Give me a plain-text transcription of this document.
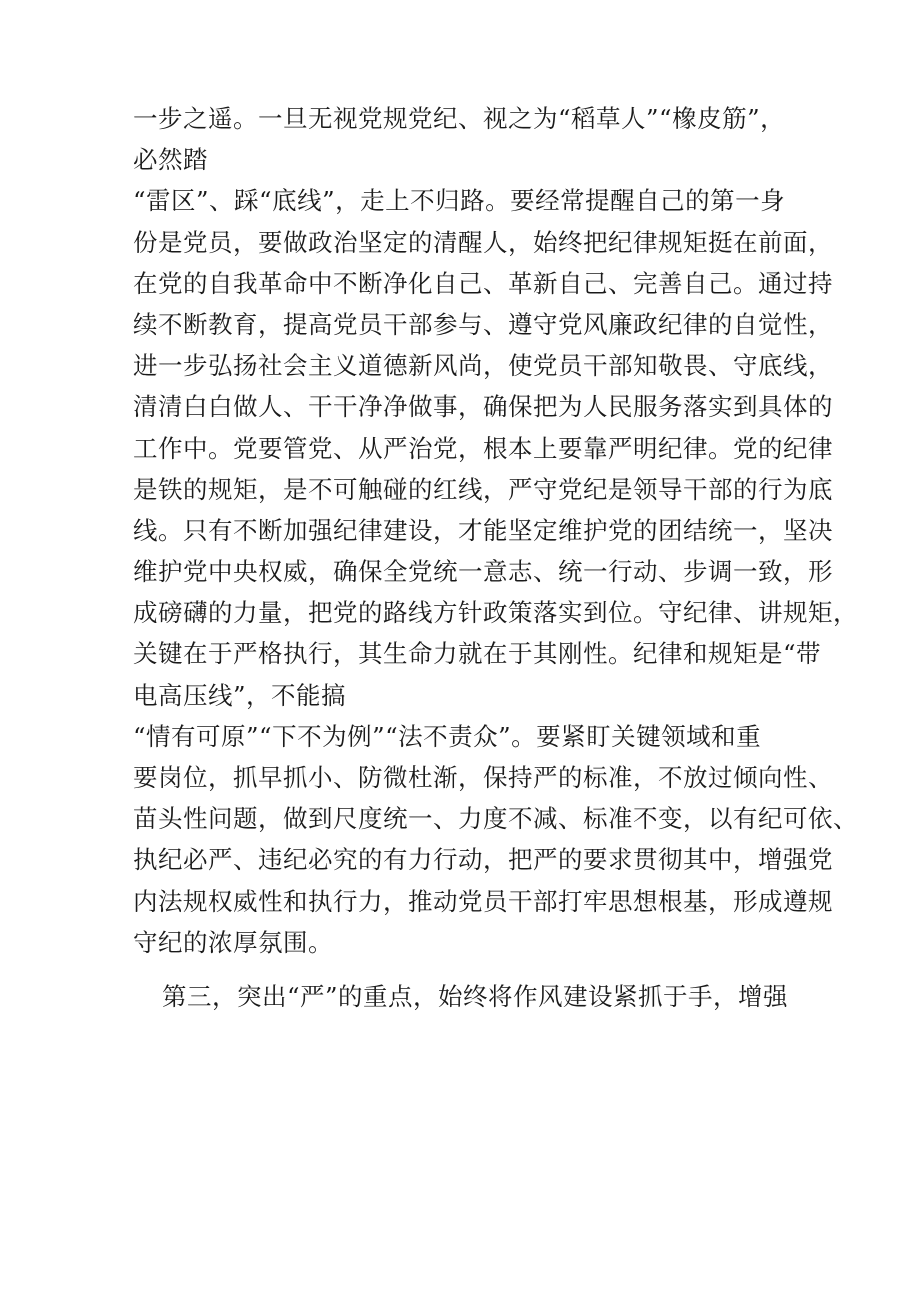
一步之遥。一旦无视党规党纪、视之为“稻草人”“橡皮筋”，
必然踏
“雷区”、踩“底线”，走上不归路。要经常提醒自己的第一身
份是党员，要做政治坚定的清醒人，始终把纪律规矩挺在前面，
在党的自我革命中不断净化自己、革新自己、完善自己。通过持
续不断教育，提高党员干部参与、遵守党风廉政纪律的自觉性，
进一步弘扬社会主义道德新风尚，使党员干部知敬畏、守底线，
清清白白做人、干干净净做事，确保把为人民服务落实到具体的
工作中。党要管党、从严治党，根本上要靠严明纪律。党的纪律
是铁的规矩，是不可触碰的红线，严守党纪是领导干部的行为底
线。只有不断加强纪律建设，才能坚定维护党的团结统一，坚决
维护党中央权威，确保全党统一意志、统一行动、步调一致，形
成磅礴的力量，把党的路线方针政策落实到位。守纪律、讲规矩，
关键在于严格执行，其生命力就在于其刚性。纪律和规矩是“带
电高压线”，不能搞
“情有可原”“下不为例”“法不责众”。要紧盯关键领域和重
要岗位，抓早抓小、防微杜渐，保持严的标准，不放过倾向性、
苗头性问题，做到尺度统一、力度不减、标准不变，以有纪可依、
执纪必严、违纪必究的有力行动，把严的要求贯彻其中，增强党
内法规权威性和执行力，推动党员干部打牢思想根基，形成遵规
守纪的浓厚氛围。
第三，突出“严”的重点，始终将作风建设紧抓于手，增强
